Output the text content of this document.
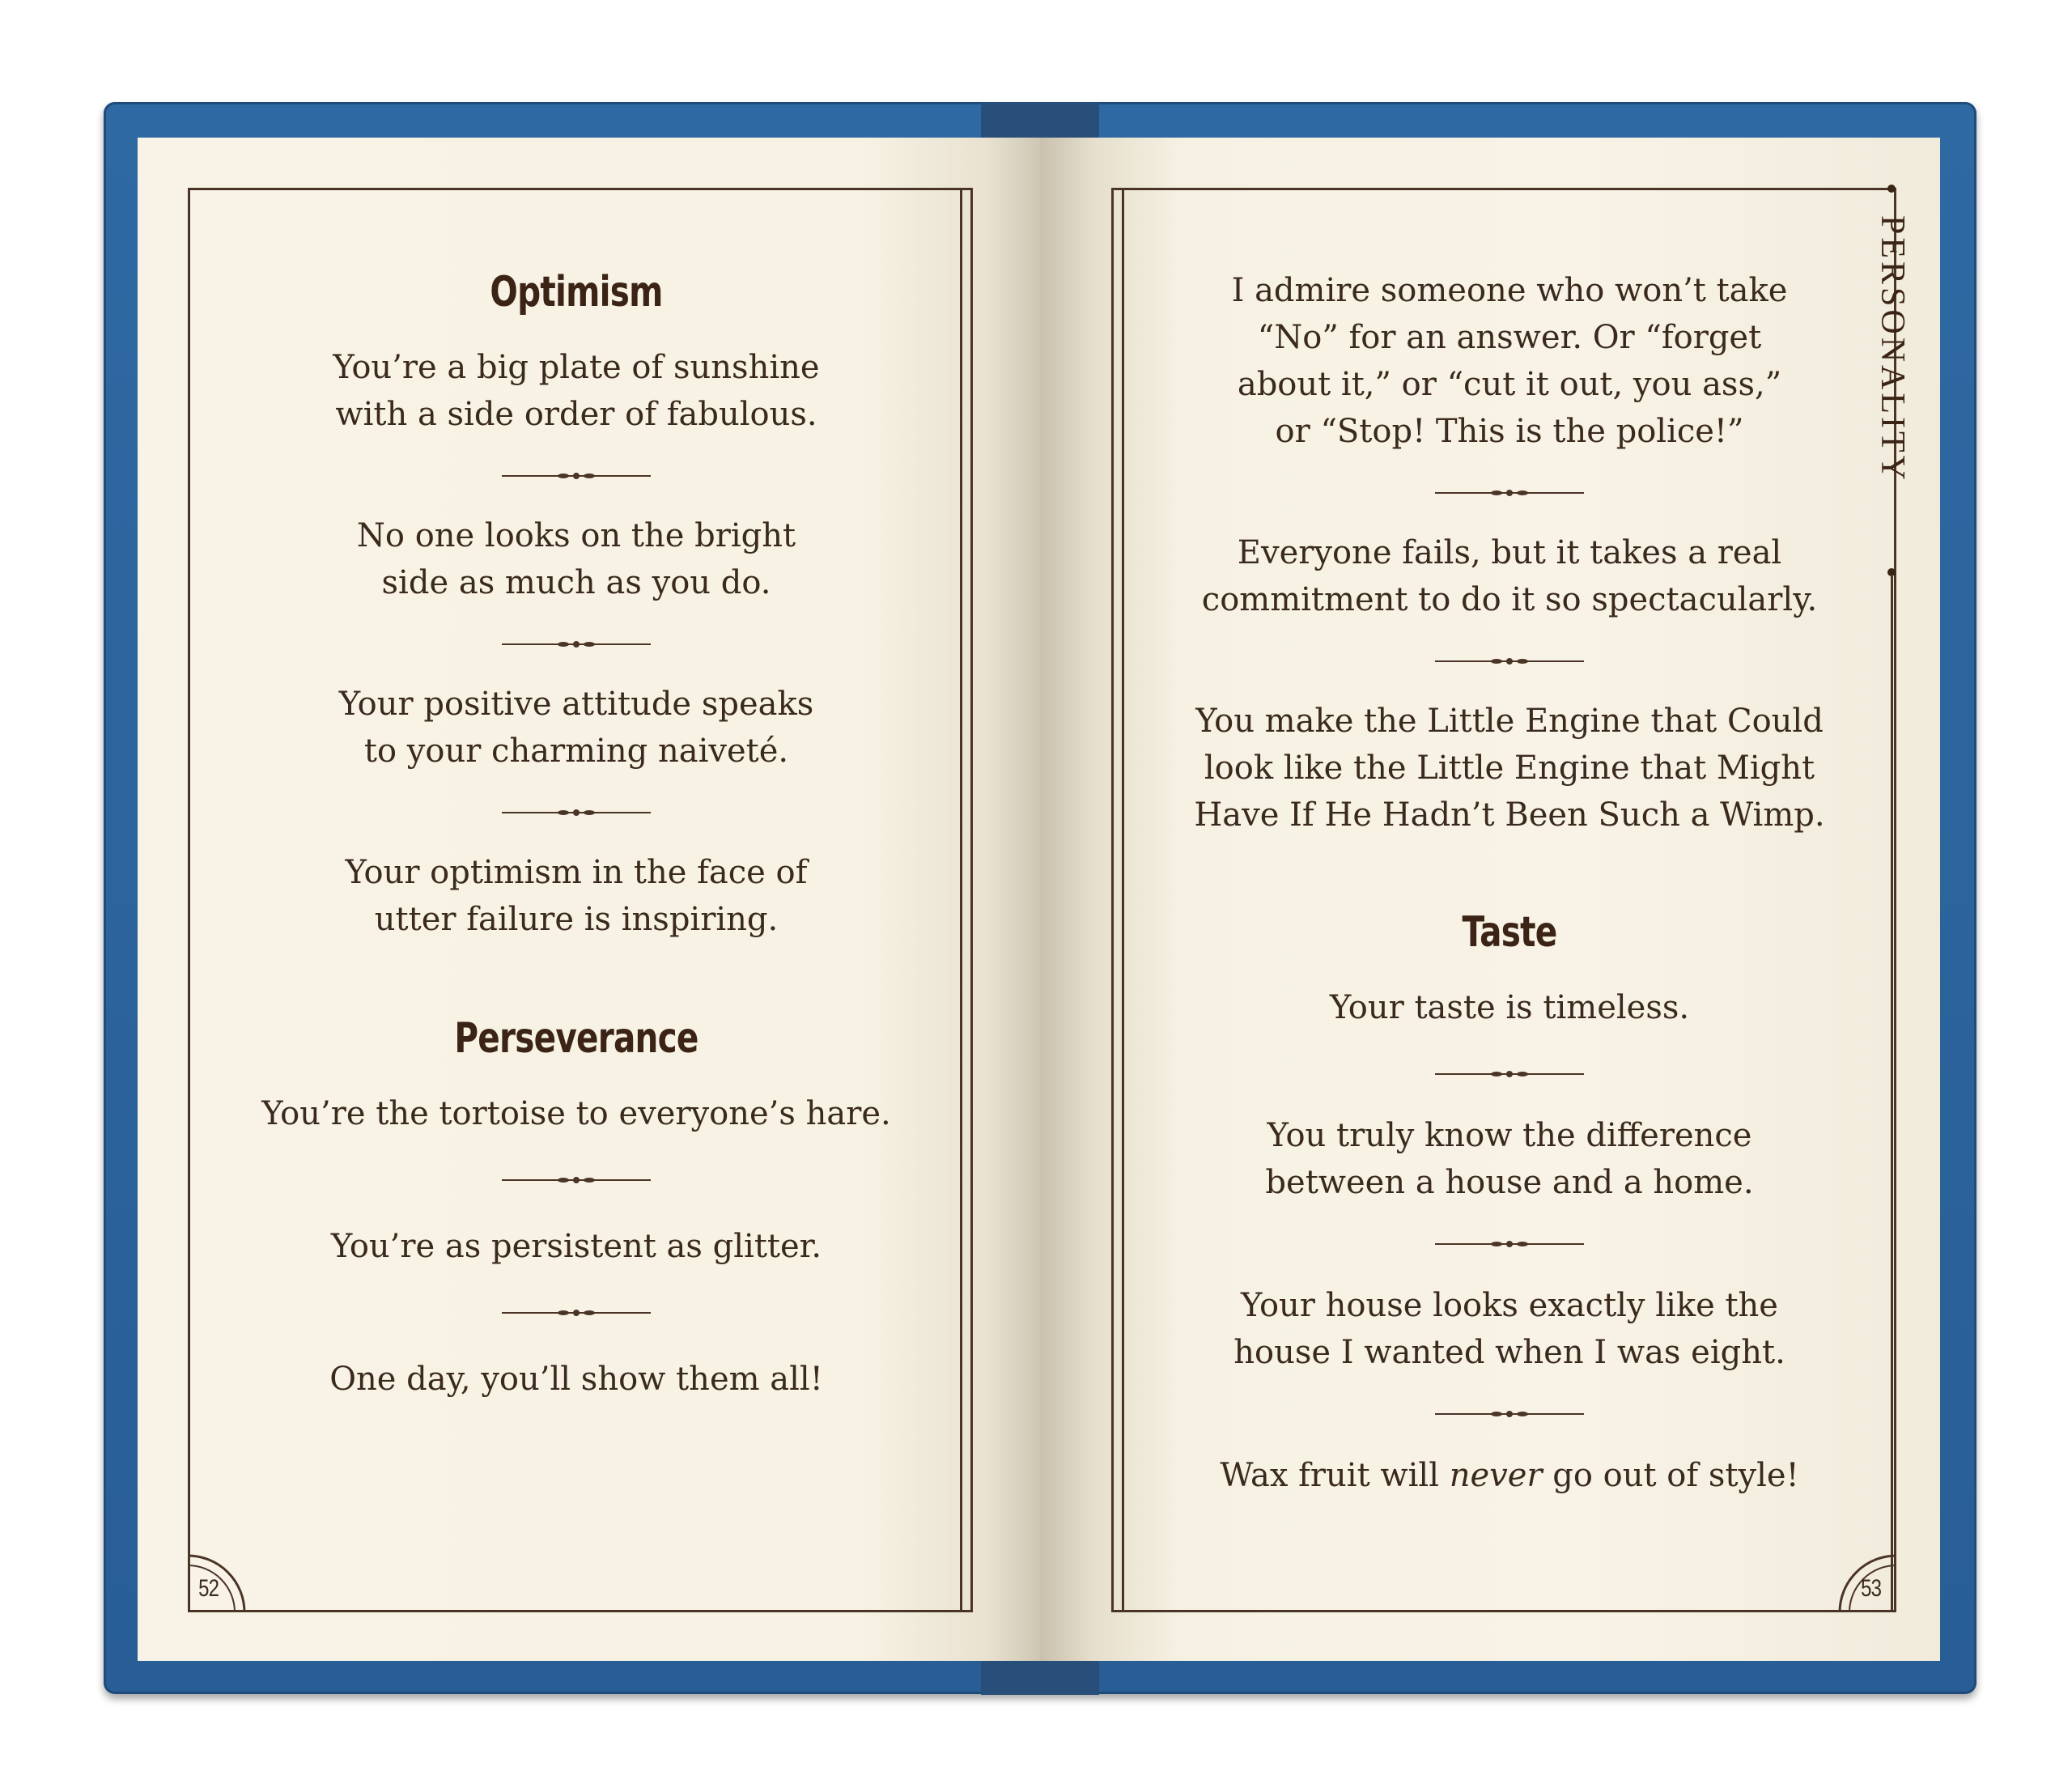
52	53
PERSONALITY
Optimism

You’re a big plate of sunshine
with a side order of fabulous.

No one looks on the bright
side as much as you do.

Your positive attitude speaks
to your charming naiveté.

Your optimism in the face of
utter failure is inspiring.

Perseverance

You’re the tortoise to everyone’s hare.

You’re as persistent as glitter.

One day, you’ll show them all!

I admire someone who won’t take
“No” for an answer. Or “forget
about it,” or “cut it out, you ass,”
or “Stop! This is the police!”

Everyone fails, but it takes a real
commitment to do it so spectacularly.

You make the Little Engine that Could
look like the Little Engine that Might
Have If He Hadn’t Been Such a Wimp.

Taste

Your taste is timeless.

You truly know the difference
between a house and a home.

Your house looks exactly like the
house I wanted when I was eight.

Wax fruit will never go out of style!
